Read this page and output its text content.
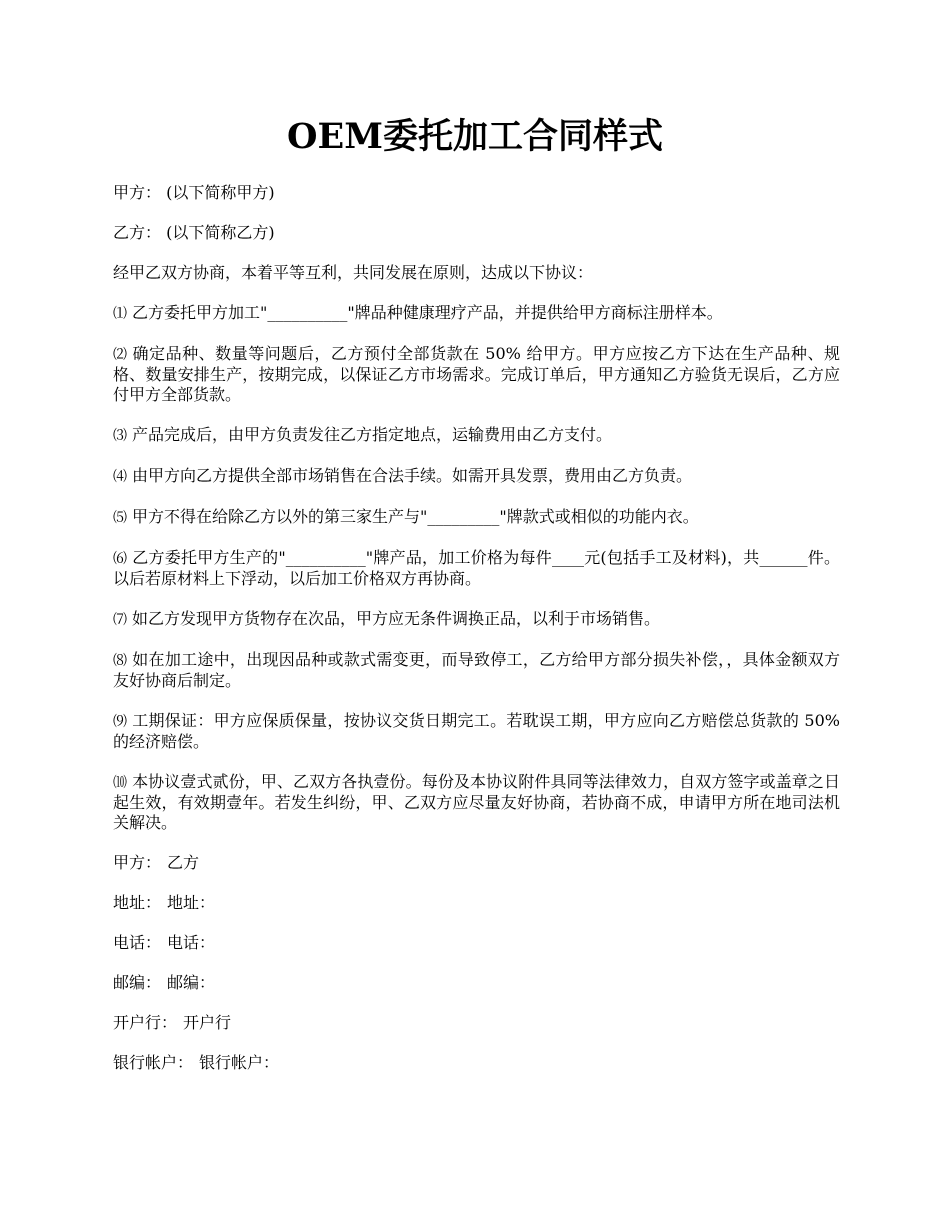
OEM委托加工合同样式

甲方： (以下简称甲方)

乙方： (以下简称乙方)

经甲乙双方协商，本着平等互利，共同发展在原则，达成以下协议：

⑴ 乙方委托甲方加工"__________"牌品种健康理疗产品，并提供给甲方商标注册样本。

⑵ 确定品种、数量等问题后，乙方预付全部货款在 50% 给甲方。甲方应按乙方下达在生产品种、规格、数量安排生产，按期完成，以保证乙方市场需求。完成订单后，甲方通知乙方验货无误后，乙方应付甲方全部货款。

⑶ 产品完成后，由甲方负责发往乙方指定地点，运输费用由乙方支付。

⑷ 由甲方向乙方提供全部市场销售在合法手续。如需开具发票，费用由乙方负责。

⑸ 甲方不得在给除乙方以外的第三家生产与"_________"牌款式或相似的功能内衣。

⑹ 乙方委托甲方生产的"__________"牌产品，加工价格为每件____元(包括手工及材料)，共______件。以后若原材料上下浮动，以后加工价格双方再协商。

⑺ 如乙方发现甲方货物存在次品，甲方应无条件调换正品，以利于市场销售。

⑻ 如在加工途中，出现因品种或款式需变更，而导致停工，乙方给甲方部分损失补偿，，具体金额双方友好协商后制定。

⑼ 工期保证：甲方应保质保量，按协议交货日期完工。若耽误工期，甲方应向乙方赔偿总货款的 50%的经济赔偿。

⑽ 本协议壹式贰份，甲、乙双方各执壹份。每份及本协议附件具同等法律效力，自双方签字或盖章之日起生效，有效期壹年。若发生纠纷，甲、乙双方应尽量友好协商，若协商不成，申请甲方所在地司法机关解决。

甲方： 乙方

地址： 地址：

电话： 电话：

邮编： 邮编：

开户行： 开户行

银行帐户： 银行帐户：
